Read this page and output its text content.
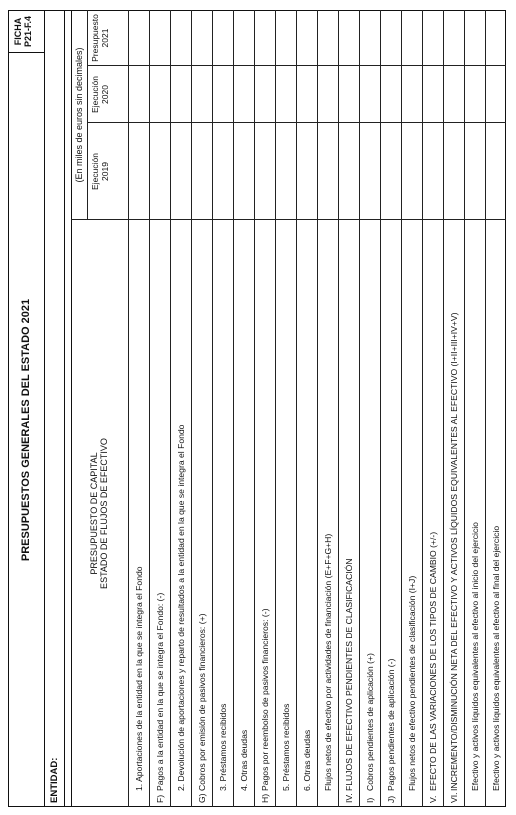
PRESUPUESTOS GENERALES DEL ESTADO 2021
FICHA P21-F.4
ENTIDAD:
(En miles de euros sin decimales)
PRESUPUESTO DE CAPITAL ESTADO DE FLUJOS DE EFECTIVO
Ejecución 2019
Ejecución 2020
Presupuesto 2021
1. Aportaciones de la entidad en la que se integra el Fondo
F)Pagos a la entidad en la que se integra el Fondo: (-) 2. Devolución de aportaciones y reparto de resultados a la entidad en la que se integra el Fondo
G)Cobros por emisión de pasivos financieros: (+) 3. Préstamos recibidos 4. Otras deudas
H)Pagos por reembolso de pasivos financieros: (-) 5. Préstamos recibidos 6. Otras deudas Flujos netos de efectivo por actividades de financiación (E+F+G+H)
IV.FLUJOS DE EFECTIVO PENDIENTES DE CLASIFICACIÓN
I)Cobros pendientes de aplicación (+)
J)Pagos pendientes de aplicación (-) Flujos netos de efectivo pendientes de clasificación (I+J)
V.EFECTO DE LAS VARIACIONES DE LOS TIPOS DE CAMBIO (+/-)
VI.INCREMENTO/DISMINUCIÓN NETA DEL EFECTIVO Y ACTIVOS LÍQUIDOS EQUIVALENTES AL EFECTIVO (I+II+III+IV+V) Efectivo y activos líquidos equivalentes al efectivo al inicio del ejercicio Efectivo y activos líquidos equivalentes al efectivo al final del ejercicio
